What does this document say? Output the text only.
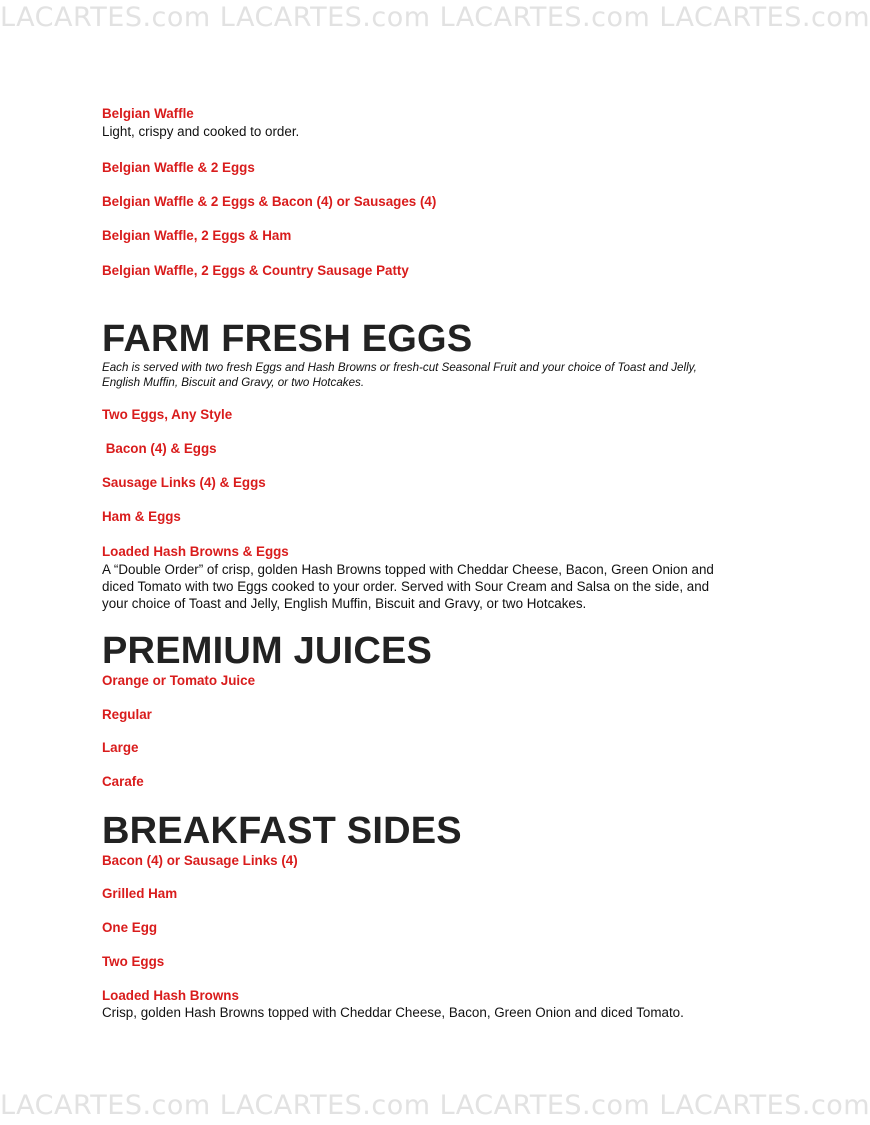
LACARTES.com LACARTES.com LACARTES.com LACARTES.com
Belgian Waffle
Light, crispy and cooked to order.
Belgian Waffle & 2 Eggs
Belgian Waffle & 2 Eggs & Bacon (4) or Sausages (4)
Belgian Waffle, 2 Eggs & Ham
Belgian Waffle, 2 Eggs & Country Sausage Patty
FARM FRESH EGGS
Each is served with two fresh Eggs and Hash Browns or fresh-cut Seasonal Fruit and your choice of Toast and Jelly,
English Muffin, Biscuit and Gravy, or two Hotcakes.
Two Eggs, Any Style
Bacon (4) & Eggs
Sausage Links (4) & Eggs
Ham & Eggs
Loaded Hash Browns & Eggs
A “Double Order” of crisp, golden Hash Browns topped with Cheddar Cheese, Bacon, Green Onion and
diced Tomato with two Eggs cooked to your order. Served with Sour Cream and Salsa on the side, and
your choice of Toast and Jelly, English Muffin, Biscuit and Gravy, or two Hotcakes.
PREMIUM JUICES
Orange or Tomato Juice
Regular
Large
Carafe
BREAKFAST SIDES
Bacon (4) or Sausage Links (4)
Grilled Ham
One Egg
Two Eggs
Loaded Hash Browns
Crisp, golden Hash Browns topped with Cheddar Cheese, Bacon, Green Onion and diced Tomato.
LACARTES.com LACARTES.com LACARTES.com LACARTES.com
